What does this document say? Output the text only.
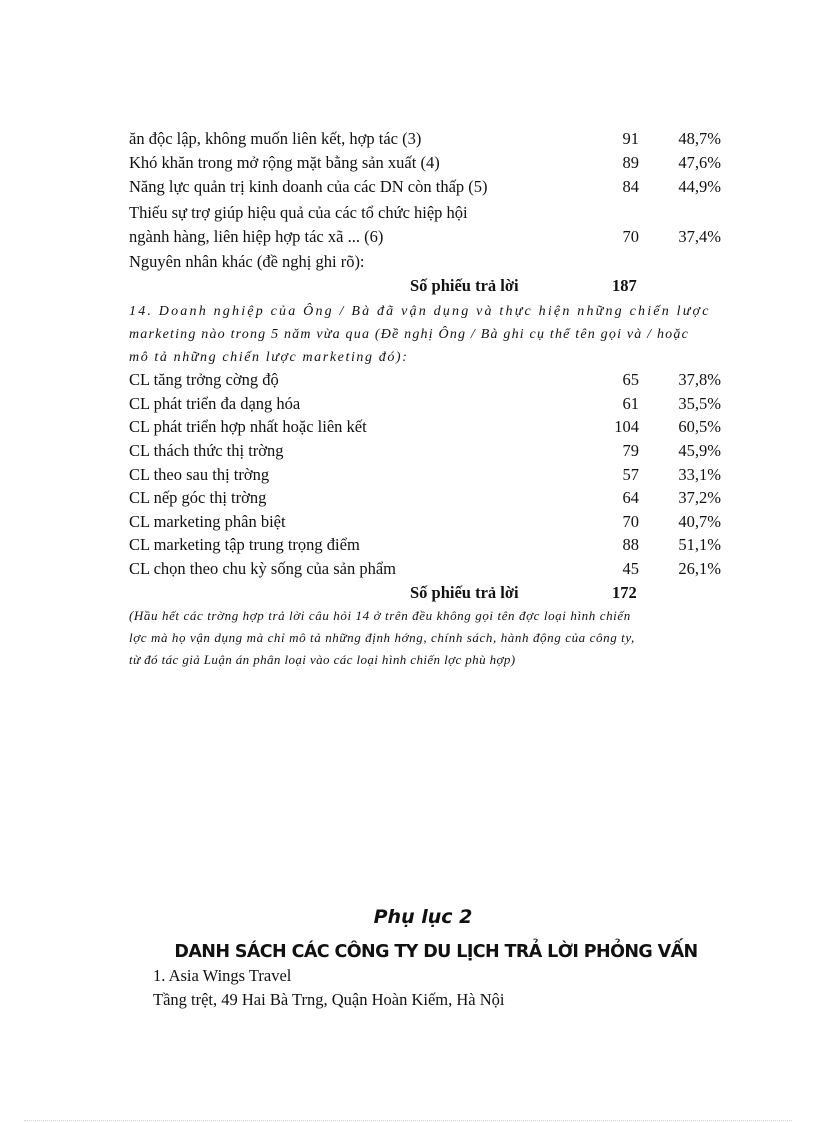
ăn độc lập, không muốn liên kết, hợp tác (3)	91 48,7%
Khó khăn trong mở rộng mặt bằng sản xuất (4)	89 47,6%
Năng lực quản trị kinh doanh của các DN còn thấp (5)	84 44,9%
Thiếu sự trợ giúp hiệu quả của các tổ chức hiệp hội
ngành hàng, liên hiệp hợp tác xã ... (6)	70 37,4%
Nguyên nhân khác (đề nghị ghi rõ):
Số phiếu trả lời	187
14. Doanh nghiệp của Ông / Bà đã vận dụng và thực hiện những chiến lược
marketing nào trong 5 năm vừa qua (Đề nghị Ông / Bà ghi cụ thể tên gọi và / hoặc
mô tả những chiến lược marketing đó):
CL tăng trởng cờng độ	65 37,8%
CL phát triển đa dạng hóa	61 35,5%
CL phát triển hợp nhất hoặc liên kết	104 60,5%
CL thách thức thị trờng	79 45,9%
CL theo sau thị trờng	57 33,1%
CL nếp góc thị trờng	64 37,2%
CL marketing phân biệt	70 40,7%
CL marketing tập trung trọng điểm	88 51,1%
CL chọn theo chu kỳ sống của sản phẩm	45 26,1%
Số phiếu trả lời	172
(Hầu hết các trờng hợp trả lời câu hỏi 14 ở trên đều không gọi tên đợc loại hình chiến
lợc mà họ vận dụng mà chỉ mô tả những định hớng, chính sách, hành động của công ty,
từ đó tác giả Luận án phân loại vào các loại hình chiến lợc phù hợp)
Phụ lục 2
DANH SÁCH CÁC CÔNG TY DU LỊCH TRẢ LỜI PHỎNG VẤN
1. Asia Wings Travel
Tầng trệt, 49 Hai Bà Trng, Quận Hoàn Kiếm, Hà Nội
